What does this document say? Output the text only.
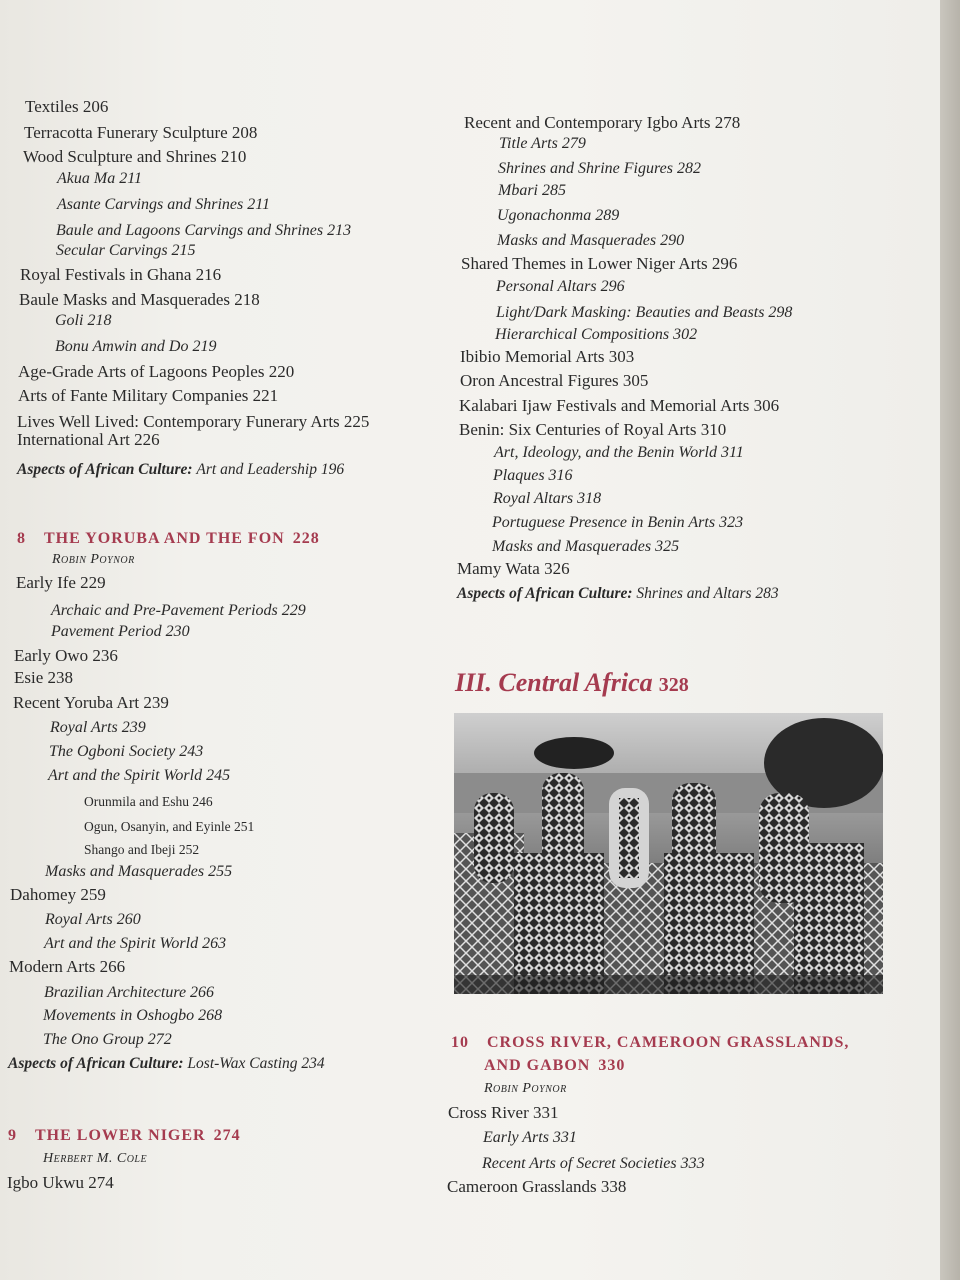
Textiles 206
Terracotta Funerary Sculpture 208
Wood Sculpture and Shrines 210
Akua Ma 211
Asante Carvings and Shrines 211
Baule and Lagoons Carvings and Shrines 213
Secular Carvings 215
Royal Festivals in Ghana 216
Baule Masks and Masquerades 218
Goli 218
Bonu Amwin and Do 219
Age-Grade Arts of Lagoons Peoples 220
Arts of Fante Military Companies 221
Lives Well Lived: Contemporary Funerary Arts 225
International Art 226
Aspects of African Culture: Art and Leadership 196
8 THE YORUBA AND THE FON 228
Robin Poynor
Early Ife 229
Archaic and Pre-Pavement Periods 229
Pavement Period 230
Early Owo 236
Esie 238
Recent Yoruba Art 239
Royal Arts 239
The Ogboni Society 243
Art and the Spirit World 245
Orunmila and Eshu 246
Ogun, Osanyin, and Eyinle 251
Shango and Ibeji 252
Masks and Masquerades 255
Dahomey 259
Royal Arts 260
Art and the Spirit World 263
Modern Arts 266
Brazilian Architecture 266
Movements in Oshogbo 268
The Ono Group 272
Aspects of African Culture: Lost-Wax Casting 234
9 THE LOWER NIGER 274
Herbert M. Cole
Igbo Ukwu 274
Recent and Contemporary Igbo Arts 278
Title Arts 279
Shrines and Shrine Figures 282
Mbari 285
Ugonachonma 289
Masks and Masquerades 290
Shared Themes in Lower Niger Arts 296
Personal Altars 296
Light/Dark Masking: Beauties and Beasts 298
Hierarchical Compositions 302
Ibibio Memorial Arts 303
Oron Ancestral Figures 305
Kalabari Ijaw Festivals and Memorial Arts 306
Benin: Six Centuries of Royal Arts 310
Art, Ideology, and the Benin World 311
Plaques 316
Royal Altars 318
Portuguese Presence in Benin Arts 323
Masks and Masquerades 325
Mamy Wata 326
Aspects of African Culture: Shrines and Altars 283
III. Central Africa 328
10 CROSS RIVER, CAMEROON GRASSLANDS,
AND GABON 330
Robin Poynor
Cross River 331
Early Arts 331
Recent Arts of Secret Societies 333
Cameroon Grasslands 338
